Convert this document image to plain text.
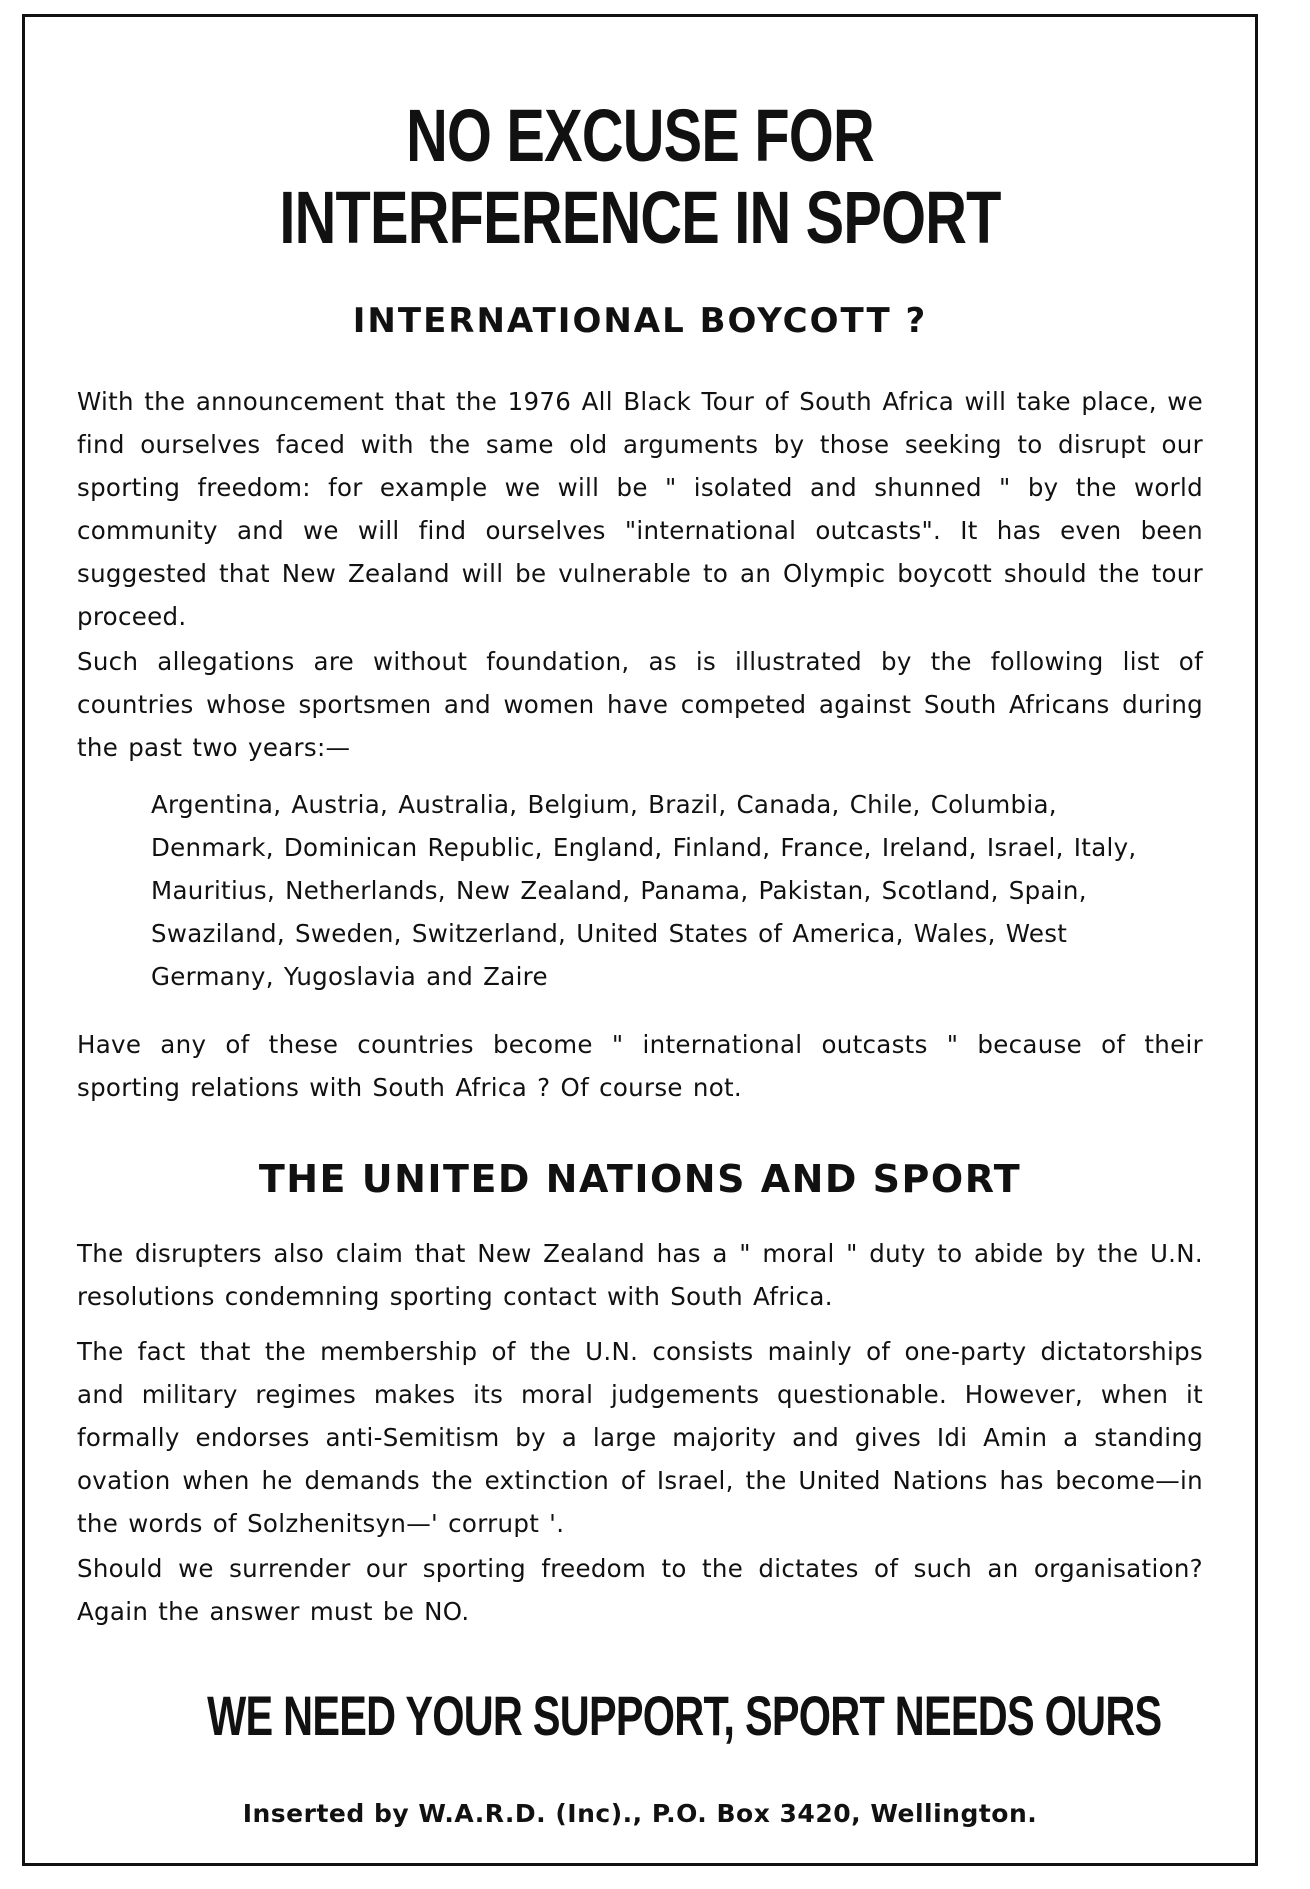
NO EXCUSE FOR
INTERFERENCE IN SPORT
INTERNATIONAL BOYCOTT ?

With the announcement that the 1976 All Black Tour of South Africa will take place, we find ourselves faced with the same old arguments by those seeking to disrupt our sporting freedom: for example we will be " isolated and shunned " by the world community and we will find ourselves "international outcasts". It has even been suggested that New Zealand will be vulnerable to an Olympic boycott should the tour proceed.

Such allegations are without foundation, as is illustrated by the following list of countries whose sportsmen and women have competed against South Africans during the past two years:—

Argentina, Austria, Australia, Belgium, Brazil, Canada, Chile, Columbia, Denmark, Dominican Republic, England, Finland, France, Ireland, Israel, Italy, Mauritius, Netherlands, New Zealand, Panama, Pakistan, Scotland, Spain, Swaziland, Sweden, Switzerland, United States of America, Wales, West Germany, Yugoslavia and Zaire

Have any of these countries become " international outcasts " because of their sporting relations with South Africa ? Of course not.

THE UNITED NATIONS AND SPORT

The disrupters also claim that New Zealand has a " moral " duty to abide by the U.N. resolutions condemning sporting contact with South Africa.

The fact that the membership of the U.N. consists mainly of one-party dictatorships and military regimes makes its moral judgements questionable. However, when it formally endorses anti-Semitism by a large majority and gives Idi Amin a standing ovation when he demands the extinction of Israel, the United Nations has become—in the words of Solzhenitsyn—' corrupt '.

Should we surrender our sporting freedom to the dictates of such an organisation? Again the answer must be NO.

WE NEED YOUR SUPPORT, SPORT NEEDS OURS
Inserted by W.A.R.D. (Inc)., P.O. Box 3420, Wellington.
